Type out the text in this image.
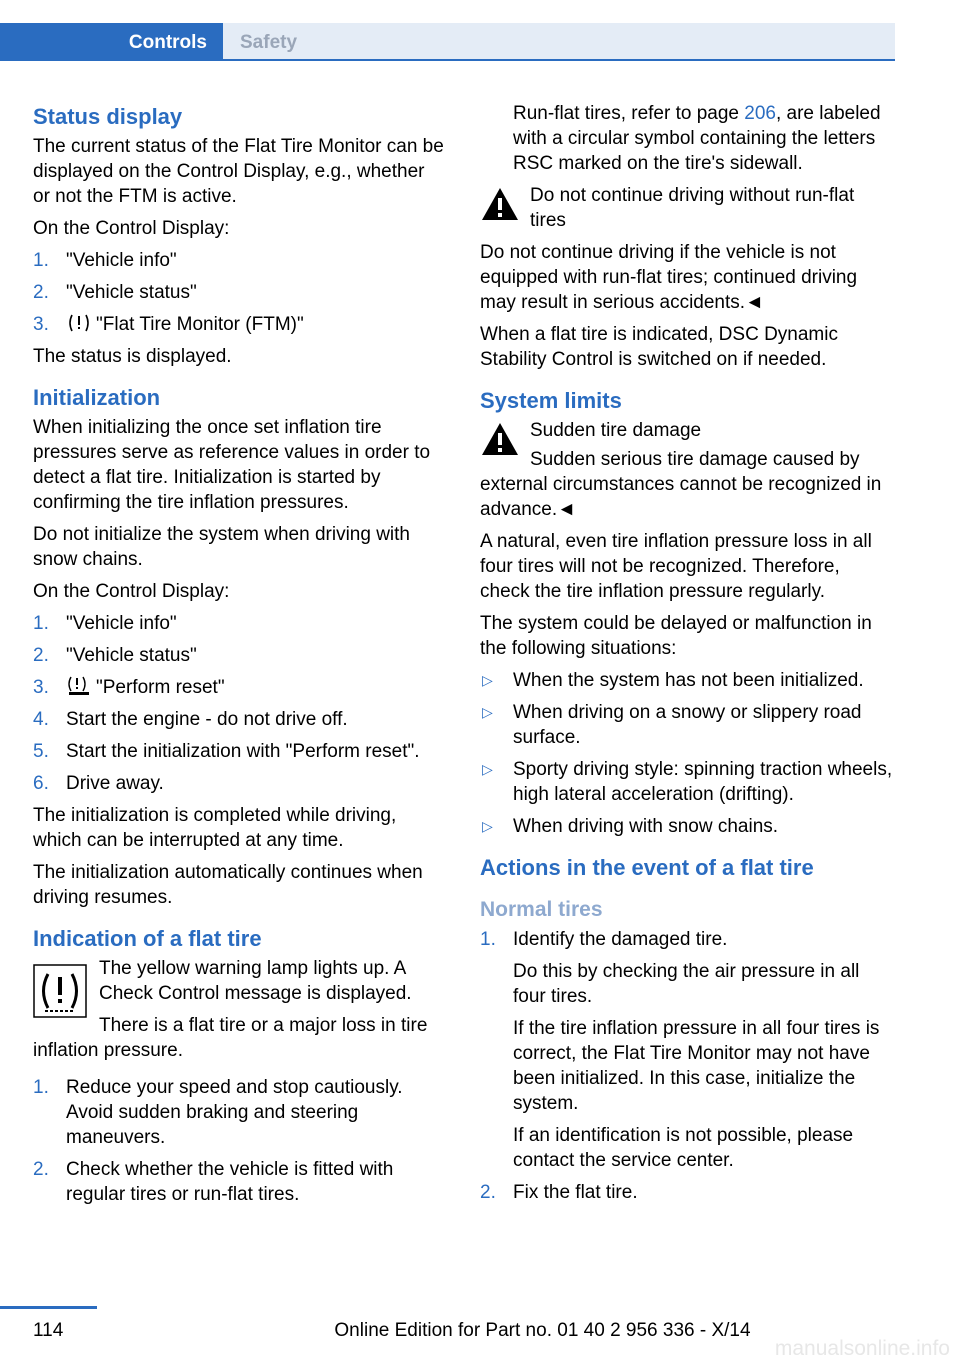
Controls	Safety
Status display

The current status of the Flat Tire Monitor can be displayed on the Control Display, e.g., whether or not the FTM is active.

On the Control Display:

1. "Vehicle info"
2. "Vehicle status"
3. "Flat Tire Monitor (FTM)"

The status is displayed.

Initialization

When initializing the once set inflation tire pressures serve as reference values in order to detect a flat tire. Initialization is started by confirming the tire inflation pressures.

Do not initialize the system when driving with snow chains.

On the Control Display:

1. "Vehicle info"
2. "Vehicle status"
3. "Perform reset"
4. Start the engine - do not drive off.
5. Start the initialization with "Perform reset".
6. Drive away.

The initialization is completed while driving, which can be interrupted at any time.

The initialization automatically continues when driving resumes.

Indication of a flat tire

The yellow warning lamp lights up. A Check Control message is displayed.

There is a flat tire or a major loss in tire inflation pressure.

1. Reduce your speed and stop cautiously. Avoid sudden braking and steering maneuvers.
2. Check whether the vehicle is fitted with regular tires or run-flat tires.

Run-flat tires, refer to page 206, are labeled with a circular symbol containing the letters RSC marked on the tire's sidewall.

Do not continue driving without run-flat tires

Do not continue driving if the vehicle is not equipped with run-flat tires; continued driving may result in serious accidents.◄

When a flat tire is indicated, DSC Dynamic Stability Control is switched on if needed.

System limits
Sudden tire damage

Sudden serious tire damage caused by external circumstances cannot be recognized in advance.◄

A natural, even tire inflation pressure loss in all four tires will not be recognized. Therefore, check the tire inflation pressure regularly.

The system could be delayed or malfunction in the following situations:

▷ When the system has not been initialized.
▷ When driving on a snowy or slippery road surface.
▷ Sporty driving style: spinning traction wheels, high lateral acceleration (drifting).
▷ When driving with snow chains.
Actions in the event of a flat tire
Normal tires
1. Identify the damaged tire.

Do this by checking the air pressure in all four tires.

If the tire inflation pressure in all four tires is correct, the Flat Tire Monitor may not have been initialized. In this case, initialize the system.

If an identification is not possible, please contact the service center.

2. Fix the flat tire.
114	Online Edition for Part no. 01 40 2 956 336 - X/14
manualsonline.info
